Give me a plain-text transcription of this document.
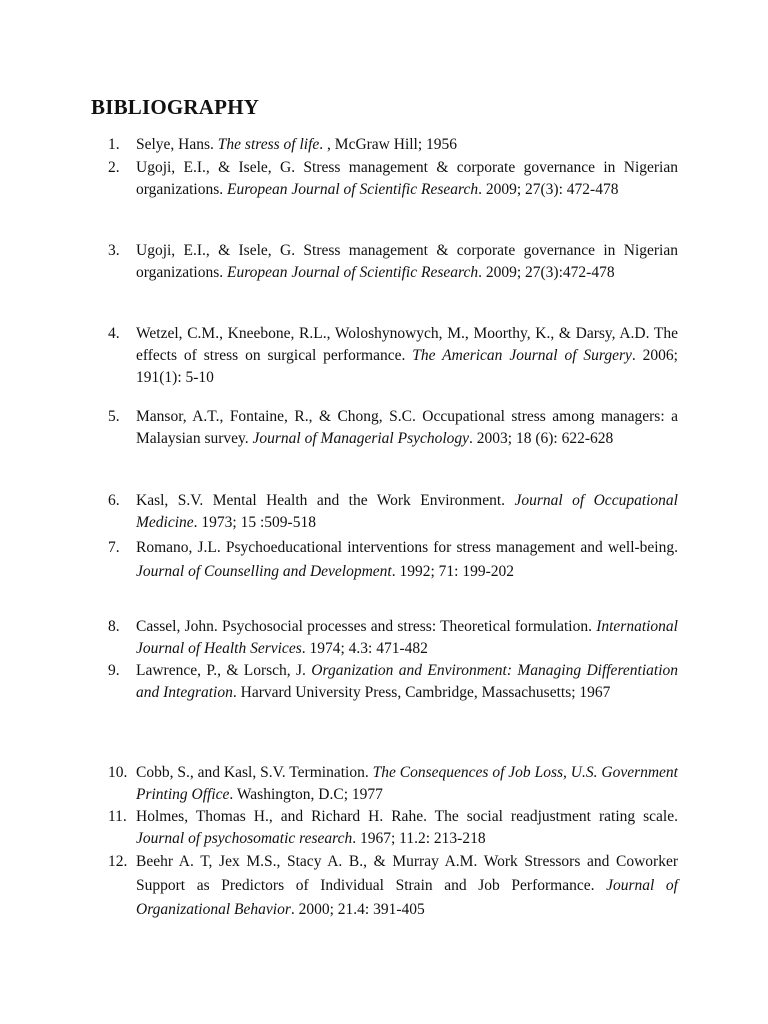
BIBLIOGRAPHY
1.	Selye, Hans. The stress of life. , McGraw Hill; 1956
2.	Ugoji, E.I., & Isele, G. Stress management & corporate governance in Nigerian organizations. European Journal of Scientific Research. 2009; 27(3): 472-478
3.	Ugoji, E.I., & Isele, G. Stress management & corporate governance in Nigerian organizations. European Journal of Scientific Research. 2009; 27(3):472-478
4.	Wetzel, C.M., Kneebone, R.L., Woloshynowych, M., Moorthy, K., & Darsy, A.D. The effects of stress on surgical performance. The American Journal of Surgery. 2006; 191(1): 5-10
5.	Mansor, A.T., Fontaine, R., & Chong, S.C. Occupational stress among managers: a Malaysian survey. Journal of Managerial Psychology. 2003; 18 (6): 622-628
6.	Kasl, S.V. Mental Health and the Work Environment. Journal of Occupational Medicine. 1973; 15 :509-518
7.	Romano, J.L. Psychoeducational interventions for stress management and well-being. Journal of Counselling and Development. 1992; 71: 199-202
8.	Cassel, John. Psychosocial processes and stress: Theoretical formulation. International Journal of Health Services. 1974; 4.3: 471-482
9.	Lawrence, P., & Lorsch, J. Organization and Environment: Managing Differentiation and Integration. Harvard University Press, Cambridge, Massachusetts; 1967
10. Cobb, S., and Kasl, S.V. Termination. The Consequences of Job Loss, U.S. Government Printing Office. Washington, D.C; 1977
11. Holmes, Thomas H., and Richard H. Rahe. The social readjustment rating scale. Journal of psychosomatic research. 1967; 11.2: 213-218
12. Beehr A. T, Jex M.S., Stacy A. B., & Murray A.M. Work Stressors and Coworker Support as Predictors of Individual Strain and Job Performance. Journal of Organizational Behavior. 2000; 21.4: 391-405
